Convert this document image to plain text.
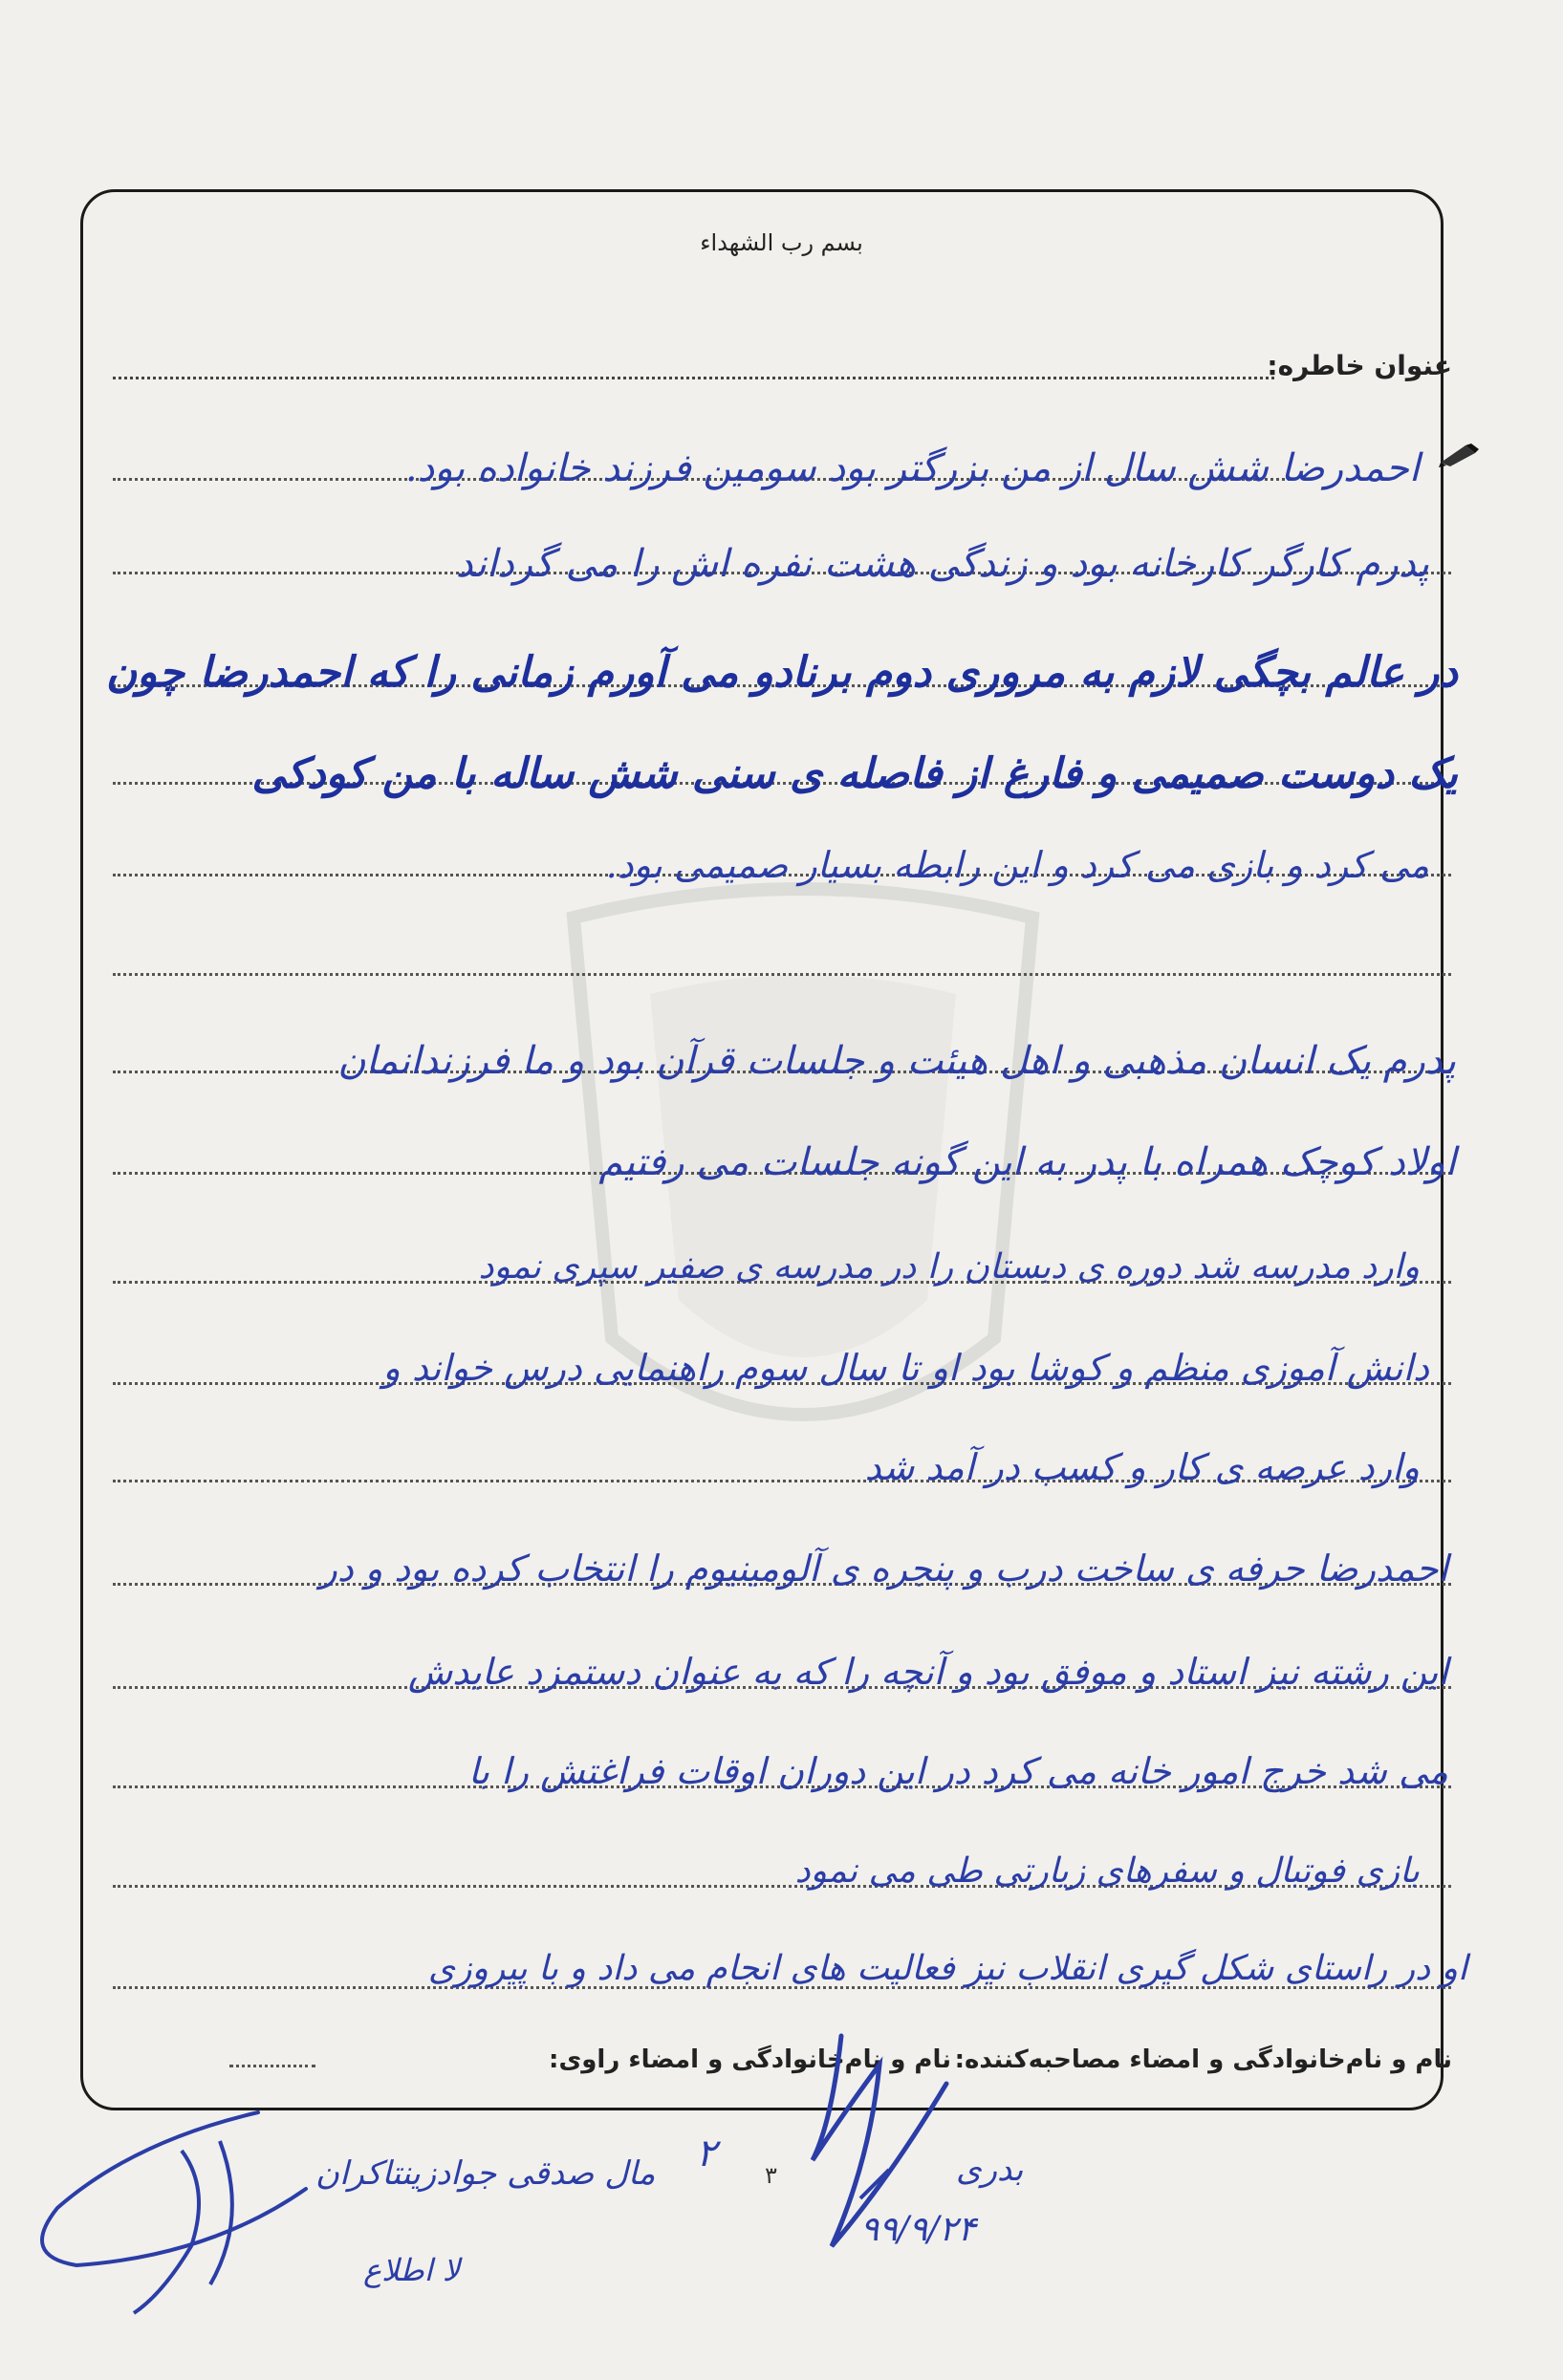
بسم رب الشهداء
عنوان خاطره:
احمدرضا شش سال از من بزرگتر بود سومین فرزند خانواده بود.
پدرم کارگر کارخانه بود و زندگی هشت نفره اش را می گرداند
در عالم بچگی لازم به مروری دوم برنادو می آورم زمانی را که احمدرضا چون
یک دوست صمیمی و فارغ از فاصله ی سنی شش ساله با من کودکی
می کرد و بازی می کرد و این رابطه بسیار صمیمی بود.
پدرم یک انسان مذهبی و اهل هیئت و جلسات قرآن بود و ما فرزندانمان
اولاد کوچک همراه با پدر به این گونه جلسات می رفتیم
وارد مدرسه شد دوره ی دبستان را در مدرسه ی صفیر سپری نمود
دانش آموزی منظم و کوشا بود او تا سال سوم راهنمایی درس خواند و
وارد عرصه ی کار و کسب در آمد شد
احمدرضا حرفه ی ساخت درب و پنجره ی آلومینیوم را انتخاب کرده بود و در
این رشته نیز استاد و موفق بود و آنچه را که به عنوان دستمزد عایدش
می شد خرج امور خانه می کرد در این دوران اوقات فراغتش را با
بازی فوتبال و سفرهای زیارتی طی می نمود
او در راستای شکل گیری انقلاب نیز فعالیت های انجام می داد و با پیروزی
نام و نام‌خانوادگی و امضاء مصاحبه‌کننده:
نام و نام‌خانوادگی و امضاء راوی:
۳
مال صدقی جوادزینتاکران
لا اطلاع
۲	بدری
۹۹/۹/۲۴
